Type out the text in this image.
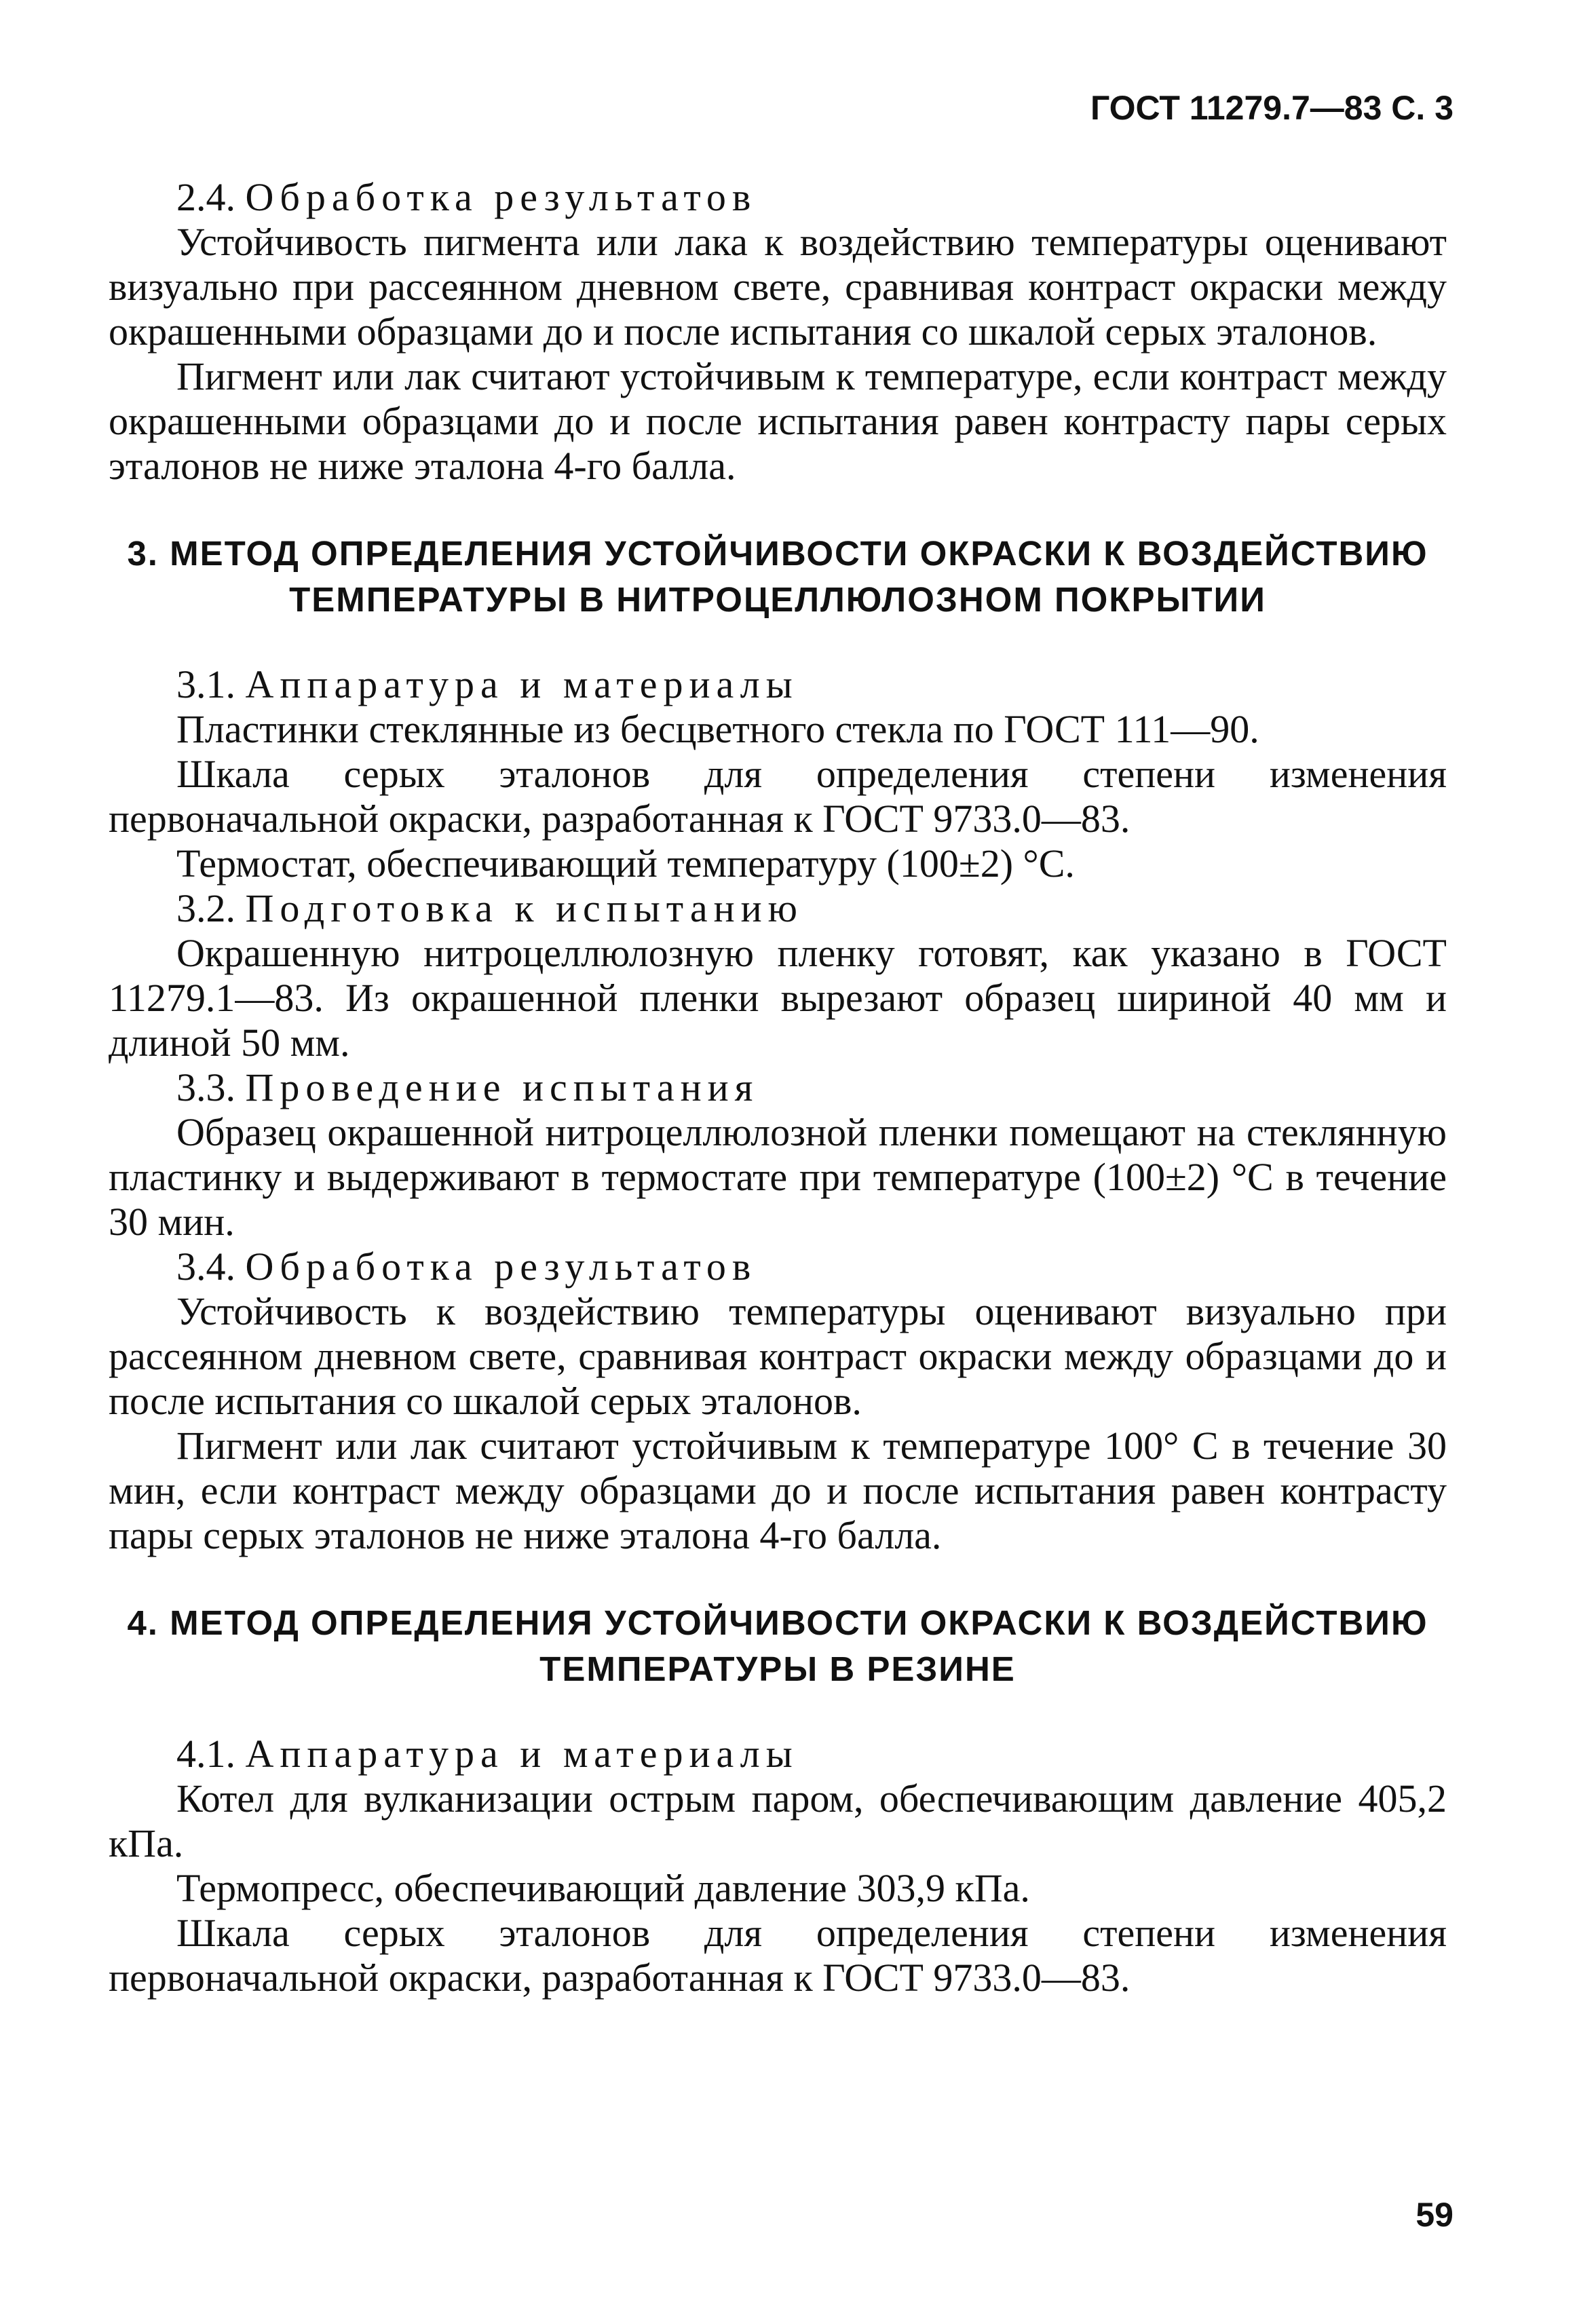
ГОСТ 11279.7—83 С. 3
2.4. Обработка результатов

Устойчивость пигмента или лака к воздействию температуры оценивают визуально при рассеянном дневном свете, сравнивая контраст окраски между окрашенными образцами до и после испытания со шкалой серых эталонов.

Пигмент или лак считают устойчивым к температуре, если контраст между окрашенными образцами до и после испытания равен контрасту пары серых эталонов не ниже эталона 4-го балла.

3. МЕТОД ОПРЕДЕЛЕНИЯ УСТОЙЧИВОСТИ ОКРАСКИ К ВОЗДЕЙСТВИЮ ТЕМПЕРАТУРЫ В НИТРОЦЕЛЛЮЛОЗНОМ ПОКРЫТИИ
3.1. Аппаратура и материалы

Пластинки стеклянные из бесцветного стекла по ГОСТ 111—90.

Шкала серых эталонов для определения степени изменения первоначальной окраски, разработанная к ГОСТ 9733.0—83.

Термостат, обеспечивающий температуру (100±2) °С.

3.2. Подготовка к испытанию

Окрашенную нитроцеллюлозную пленку готовят, как указано в ГОСТ 11279.1—83. Из окрашенной пленки вырезают образец шириной 40 мм и длиной 50 мм.

3.3. Проведение испытания

Образец окрашенной нитроцеллюлозной пленки помещают на стеклянную пластинку и выдерживают в термостате при температуре (100±2) °С в течение 30 мин.

3.4. Обработка результатов

Устойчивость к воздействию температуры оценивают визуально при рассеянном дневном свете, сравнивая контраст окраски между образцами до и после испытания со шкалой серых эталонов.

Пигмент или лак считают устойчивым к температуре 100° С в течение 30 мин, если контраст между образцами до и после испытания равен контрасту пары серых эталонов не ниже эталона 4-го балла.

4. МЕТОД ОПРЕДЕЛЕНИЯ УСТОЙЧИВОСТИ ОКРАСКИ К ВОЗДЕЙСТВИЮ ТЕМПЕРАТУРЫ В РЕЗИНЕ
4.1. Аппаратура и материалы

Котел для вулканизации острым паром, обеспечивающим давление 405,2 кПа.

Термопресс, обеспечивающий давление 303,9 кПа.

Шкала серых эталонов для определения степени изменения первоначальной окраски, разработанная к ГОСТ 9733.0—83.

59
